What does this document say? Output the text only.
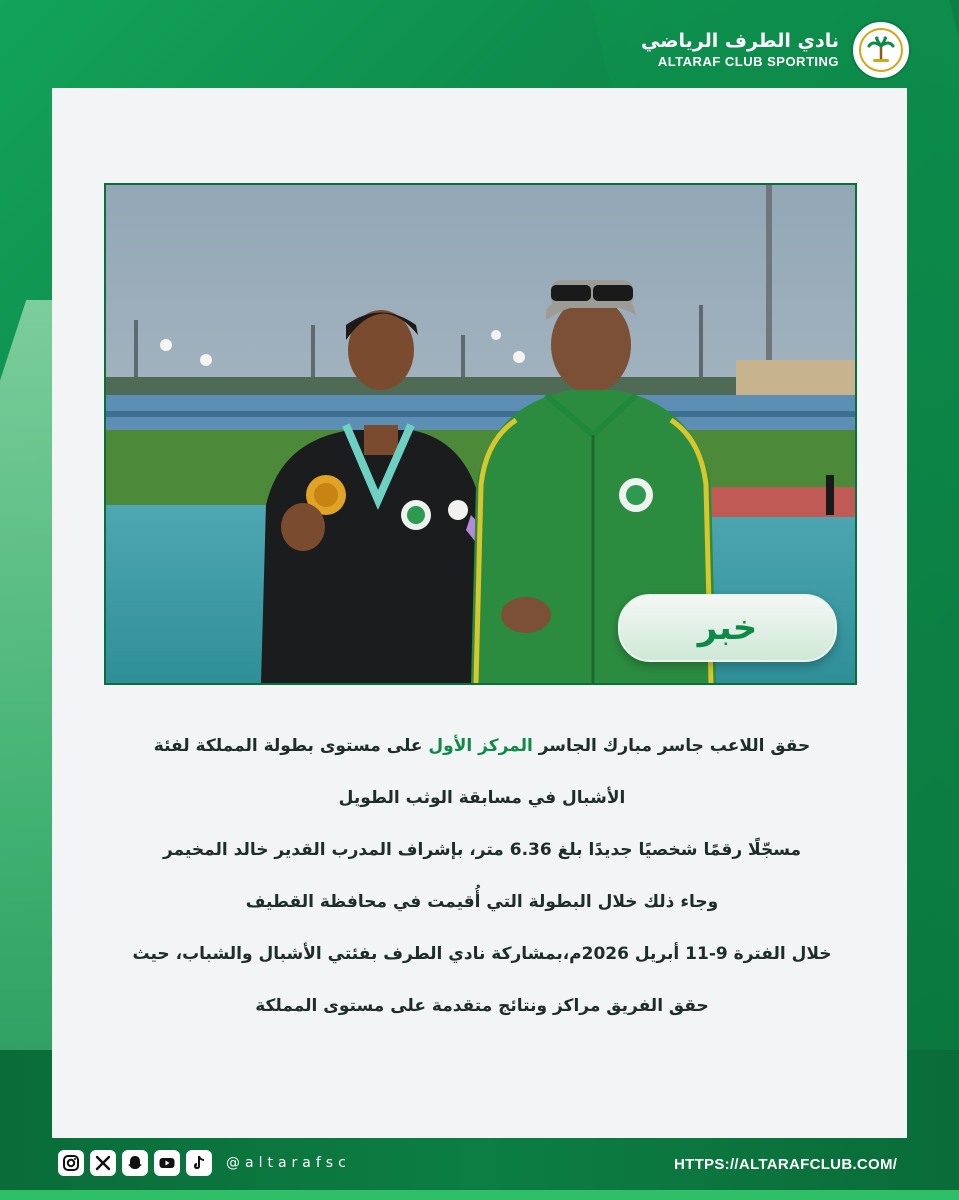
نادي الطرف الرياضي
ALTARAF CLUB SPORTING
خبر

حقق اللاعب جاسر مبارك الجاسر المركز الأول على مستوى بطولة المملكة لفئة

الأشبال في مسابقة الوثب الطويل

مسجّلًا رقمًا شخصيًا جديدًا بلغ 6.36 متر، بإشراف المدرب القدير خالد المخيمر

وجاء ذلك خلال البطولة التي أُقيمت في محافظة القطيف

خلال الفترة 9-11 أبريل 2026م،بمشاركة نادي الطرف بفئتي الأشبال والشباب، حيث

حقق الفريق مراكز ونتائج متقدمة على مستوى المملكة

@altarafsc	HTTPS://ALTARAFCLUB.COM/
